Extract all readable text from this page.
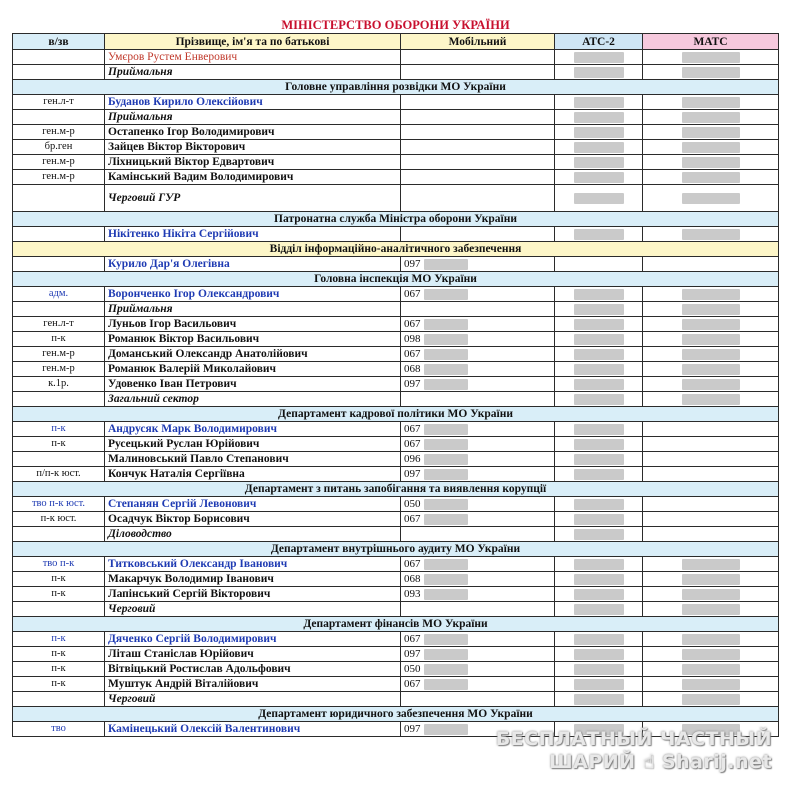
МІНІСТЕРСТВО ОБОРОНИ УКРАЇНИ				
в/зв	Прізвище, ім'я та по батькові	Мобільний	АТС-2	МАТС
	Умєров Рустем Енверович			
	Приймальня			
Головне управління розвідки МО України				
ген.л-т	Буданов Кирило Олексійович			
	Приймальня			
ген.м-р	Остапенко Ігор Володимирович			
бр.ген	Зайцев Віктор Вікторович			
ген.м-р	Ліхницький Віктор Едвартович			
ген.м-р	Камінський Вадим Володимирович			
	Черговий ГУР			
Патронатна служба Міністра оборони України				
	Нікітенко Нікіта Сергійович			
Відділ інформаційно-аналітичного забезпечення				
	Курило Дар'я Олегівна	097		
Головна інспекція МО України				
адм.	Воронченко Ігор Олександрович	067		
	Приймальня			
ген.л-т	Луньов Ігор Васильович	067		
п-к	Романюк Віктор Васильович	098		
ген.м-р	Доманський Олександр Анатолійович	067		
ген.м-р	Романюк Валерій Миколайович	068		
к.1р.	Удовенко Іван Петрович	097		
	Загальний сектор			
Департамент кадрової політики МО України				
п-к	Андрусяк Марк Володимирович	067		
п-к	Русецький Руслан Юрійович	067		
	Малиновський Павло Степанович	096		
п/п-к юст.	Кончук Наталія Сергіївна	097		
Департамент з питань запобігання та виявлення корупції				
тво п-к юст.	Степанян Сергій Левонович	050		
п-к юст.	Осадчук Віктор Борисович	067		
	Діловодство			
Департамент внутрішнього аудиту МО України				
тво п-к	Титковський Олександр Іванович	067		
п-к	Макарчук Володимир Іванович	068		
п-к	Лапінський Сергій Вікторович	093		
	Черговий			
Департамент фінансів МО України				
п-к	Дяченко Сергій Володимирович	067		
п-к	Літаш Станіслав Юрійович	097		
п-к	Вітвіцький Ростислав Адольфович	050		
п-к	Муштук Андрій Віталійович	067		
	Черговий			
Департамент юридичного забезпечення МО України				
тво	Камінецький Олексій Валентинович	097			БЕСПЛАТНЫЙ ЧАСТНЫЙ
ШАРИЙ ☝ Sharij.net
